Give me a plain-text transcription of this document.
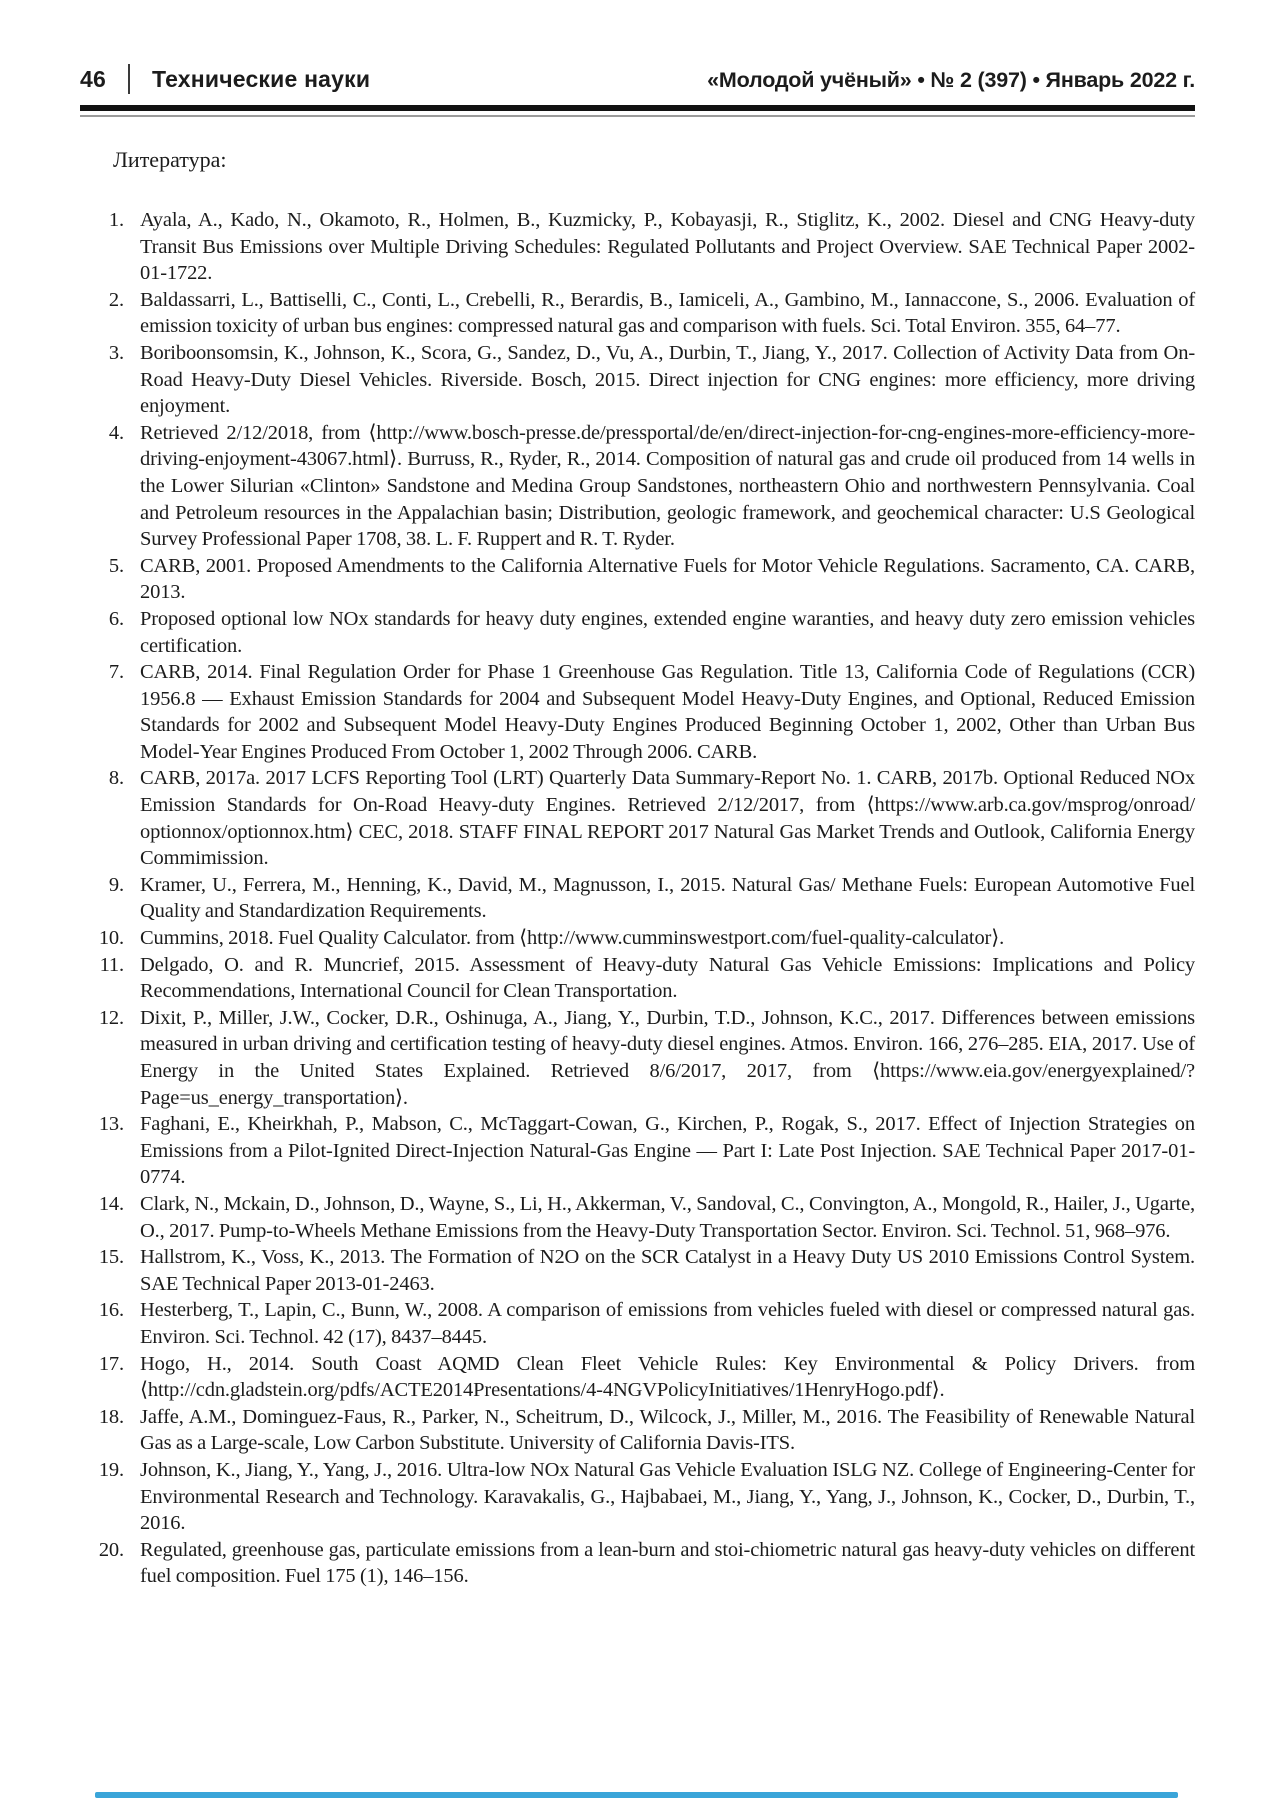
46 Технические науки	«Молодой учёный» • № 2 (397) • Январь 2022 г.
Литература:
1. Ayala, A., Kado, N., Okamoto, R., Holmen, B., Kuzmicky, P., Kobayasji, R., Stiglitz, K., 2002. Diesel and CNG Heavy-duty Transit Bus Emissions over Multiple Driving Schedules: Regulated Pollutants and Project Overview. SAE Technical Paper 2002-01-1722.
2. Baldassarri, L., Battiselli, C., Conti, L., Crebelli, R., Berardis, B., Iamiceli, A., Gambino, M., Iannaccone, S., 2006. Evaluation of emission toxicity of urban bus engines: compressed natural gas and comparison with fuels. Sci. Total Environ. 355, 64–77.
3. Boriboonsomsin, K., Johnson, K., Scora, G., Sandez, D., Vu, A., Durbin, T., Jiang, Y., 2017. Collection of Activity Data from On-Road Heavy-Duty Diesel Vehicles. Riverside. Bosch, 2015. Direct injection for CNG engines: more efficiency, more driving enjoyment.
4. Retrieved 2/12/2018, from ⟨http://www.bosch-presse.de/pressportal/de/en/direct-injection-for-cng-engines-more-efficiency-more-driving-enjoyment-43067.html⟩. Burruss, R., Ryder, R., 2014. Composition of natural gas and crude oil produced from 14 wells in the Lower Silurian «Clinton» Sandstone and Medina Group Sandstones, northeastern Ohio and northwestern Pennsylvania. Coal and Petroleum resources in the Appalachian basin; Distribution, geologic framework, and geochemical character: U.S Geological Survey Professional Paper 1708, 38. L. F. Ruppert and R. T. Ryder.
5. CARB, 2001. Proposed Amendments to the California Alternative Fuels for Motor Vehicle Regulations. Sacramento, CA. CARB, 2013.
6. Proposed optional low NOx standards for heavy duty engines, extended engine waranties, and heavy duty zero emission vehicles certification.
7. CARB, 2014. Final Regulation Order for Phase 1 Greenhouse Gas Regulation. Title 13, California Code of Regulations (CCR) 1956.8 — Exhaust Emission Standards for 2004 and Subsequent Model Heavy-Duty Engines, and Optional, Reduced Emission Standards for 2002 and Subsequent Model Heavy-Duty Engines Produced Beginning October 1, 2002, Other than Urban Bus Model-Year Engines Produced From October 1, 2002 Through 2006. CARB.
8. CARB, 2017a. 2017 LCFS Reporting Tool (LRT) Quarterly Data Summary-Report No. 1. CARB, 2017b. Optional Reduced NOx Emission Standards for On-Road Heavy-duty Engines. Retrieved 2/12/2017, from ⟨https://www.arb.ca.gov/msprog/onroad/ optionnox/optionnox.htm⟩ CEC, 2018. STAFF FINAL REPORT 2017 Natural Gas Market Trends and Outlook, California Energy Commimission.
9. Kramer, U., Ferrera, M., Henning, K., David, M., Magnusson, I., 2015. Natural Gas/ Methane Fuels: European Automotive Fuel Quality and Standardization Requirements.
10. Cummins, 2018. Fuel Quality Calculator. from ⟨http://www.cumminswestport.com/fuel-quality-calculator⟩.
11. Delgado, O. and R. Muncrief, 2015. Assessment of Heavy-duty Natural Gas Vehicle Emissions: Implications and Policy Recommendations, International Council for Clean Transportation.
12. Dixit, P., Miller, J.W., Cocker, D.R., Oshinuga, A., Jiang, Y., Durbin, T.D., Johnson, K.C., 2017. Differences between emissions measured in urban driving and certification testing of heavy-duty diesel engines. Atmos. Environ. 166, 276–285. EIA, 2017. Use of Energy in the United States Explained. Retrieved 8/6/2017, 2017, from ⟨https://www.eia.gov/energyexplained/?Page=us_energy_transportation⟩.
13. Faghani, E., Kheirkhah, P., Mabson, C., McTaggart-Cowan, G., Kirchen, P., Rogak, S., 2017. Effect of Injection Strategies on Emissions from a Pilot-Ignited Direct-Injection Natural-Gas Engine — Part I: Late Post Injection. SAE Technical Paper 2017-01-0774.
14. Clark, N., Mckain, D., Johnson, D., Wayne, S., Li, H., Akkerman, V., Sandoval, C., Convington, A., Mongold, R., Hailer, J., Ugarte, O., 2017. Pump-to-Wheels Methane Emissions from the Heavy-Duty Transportation Sector. Environ. Sci. Technol. 51, 968–976.
15. Hallstrom, K., Voss, K., 2013. The Formation of N2O on the SCR Catalyst in a Heavy Duty US 2010 Emissions Control System. SAE Technical Paper 2013-01-2463.
16. Hesterberg, T., Lapin, C., Bunn, W., 2008. A comparison of emissions from vehicles fueled with diesel or compressed natural gas. Environ. Sci. Technol. 42 (17), 8437–8445.
17. Hogo, H., 2014. South Coast AQMD Clean Fleet Vehicle Rules: Key Environmental & Policy Drivers. from ⟨http://cdn.gladstein.org/pdfs/ACTE2014Presentations/4-4NGVPolicyInitiatives/1HenryHogo.pdf⟩.
18. Jaffe, A.M., Dominguez-Faus, R., Parker, N., Scheitrum, D., Wilcock, J., Miller, M., 2016. The Feasibility of Renewable Natural Gas as a Large-scale, Low Carbon Substitute. University of California Davis-ITS.
19. Johnson, K., Jiang, Y., Yang, J., 2016. Ultra-low NOx Natural Gas Vehicle Evaluation ISLG NZ. College of Engineering-Center for Environmental Research and Technology. Karavakalis, G., Hajbabaei, M., Jiang, Y., Yang, J., Johnson, K., Cocker, D., Durbin, T., 2016.
20. Regulated, greenhouse gas, particulate emissions from a lean-burn and stoi-chiometric natural gas heavy-duty vehicles on different fuel composition. Fuel 175 (1), 146–156.
